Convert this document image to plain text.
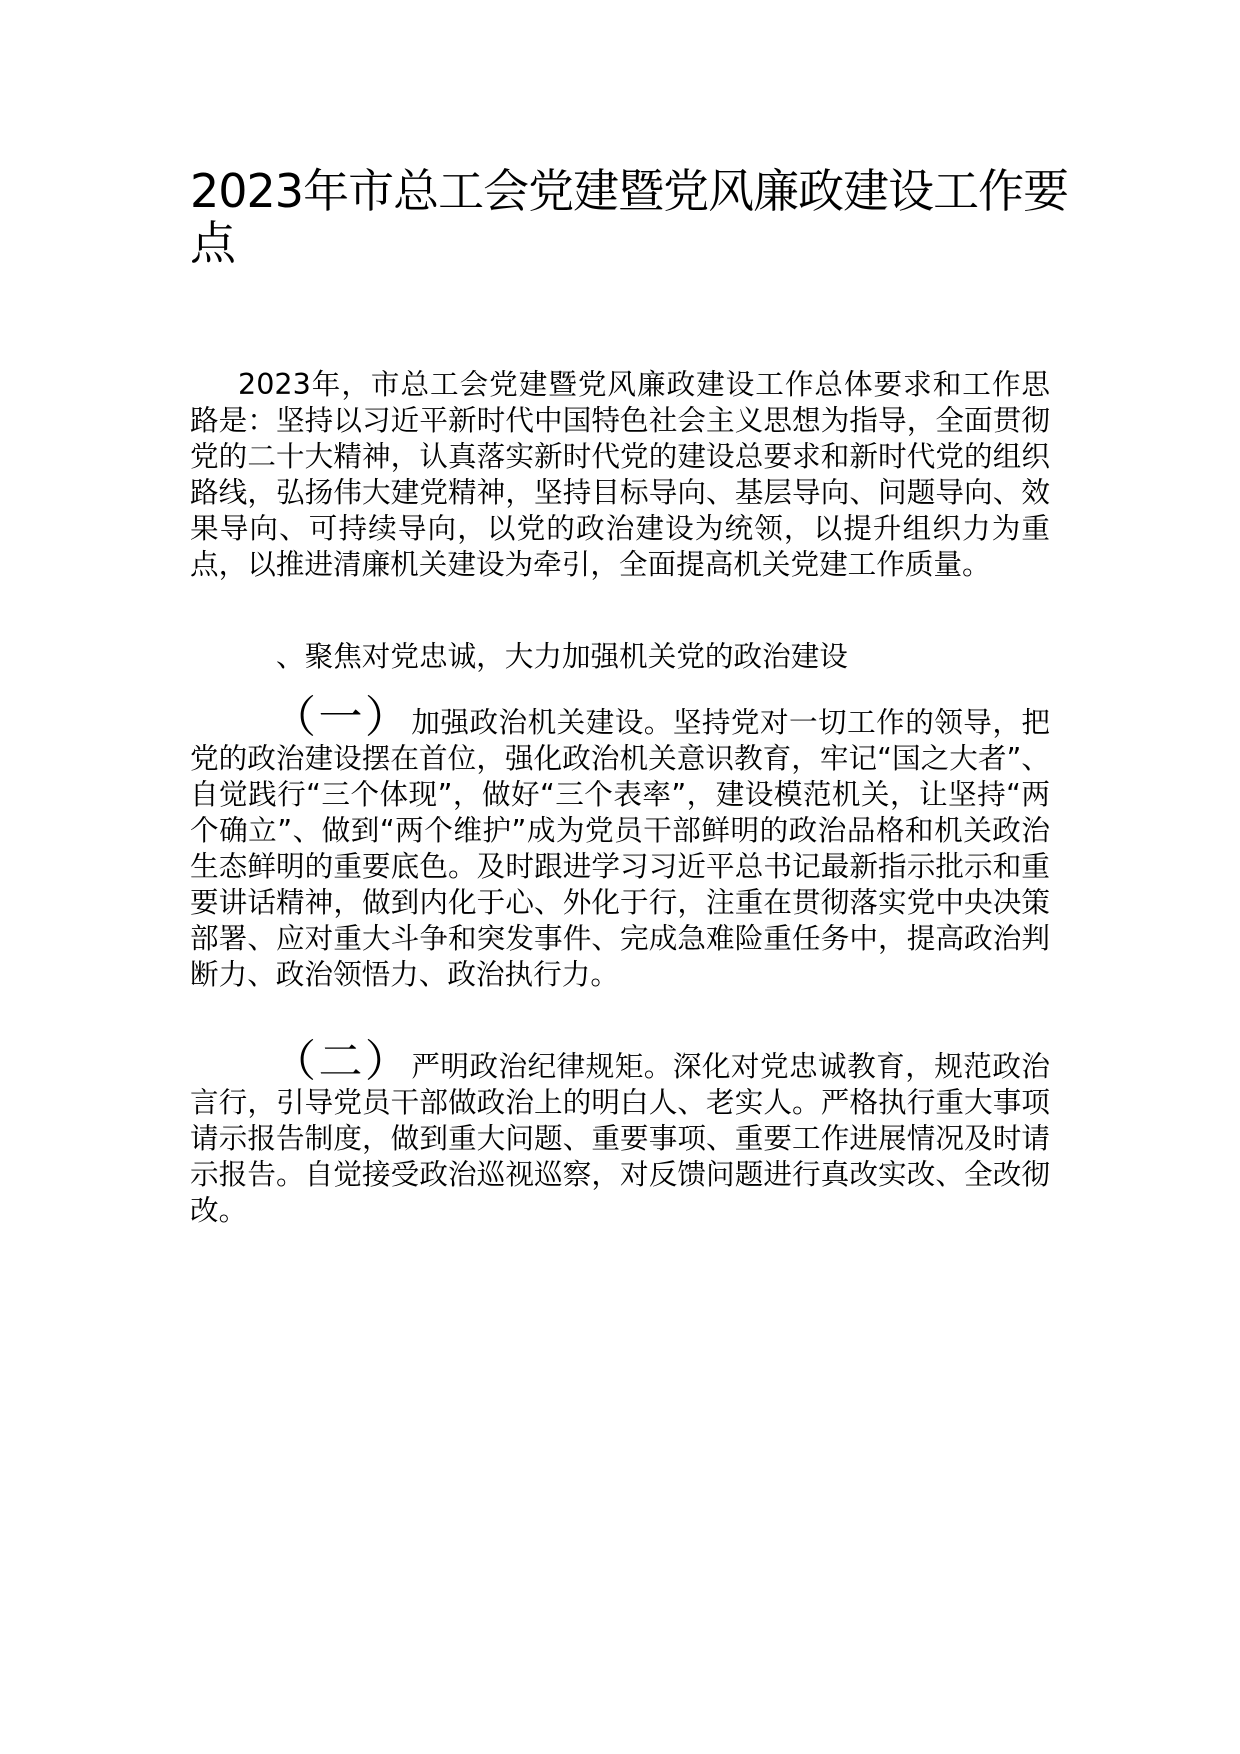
2023年市总工会党建暨党风廉政建设工作要点

2023年，市总工会党建暨党风廉政建设工作总体要求和工作思路是：坚持以习近平新时代中国特色社会主义思想为指导，全面贯彻党的二十大精神，认真落实新时代党的建设总要求和新时代党的组织路线，弘扬伟大建党精神，坚持目标导向、基层导向、问题导向、效果导向、可持续导向，以党的政治建设为统领，以提升组织力为重点，以推进清廉机关建设为牵引，全面提高机关党建工作质量。

、聚焦对党忠诚，大力加强机关党的政治建设

（一）加强政治机关建设。坚持党对一切工作的领导，把党的政治建设摆在首位，强化政治机关意识教育，牢记“国之大者”、自觉践行“三个体现”，做好“三个表率”，建设模范机关，让坚持“两个确立”、做到“两个维护”成为党员干部鲜明的政治品格和机关政治生态鲜明的重要底色。及时跟进学习习近平总书记最新指示批示和重要讲话精神，做到内化于心、外化于行，注重在贯彻落实党中央决策部署、应对重大斗争和突发事件、完成急难险重任务中，提高政治判断力、政治领悟力、政治执行力。

（二）严明政治纪律规矩。深化对党忠诚教育，规范政治言行，引导党员干部做政治上的明白人、老实人。严格执行重大事项请示报告制度，做到重大问题、重要事项、重要工作进展情况及时请示报告。自觉接受政治巡视巡察，对反馈问题进行真改实改、全改彻改。
